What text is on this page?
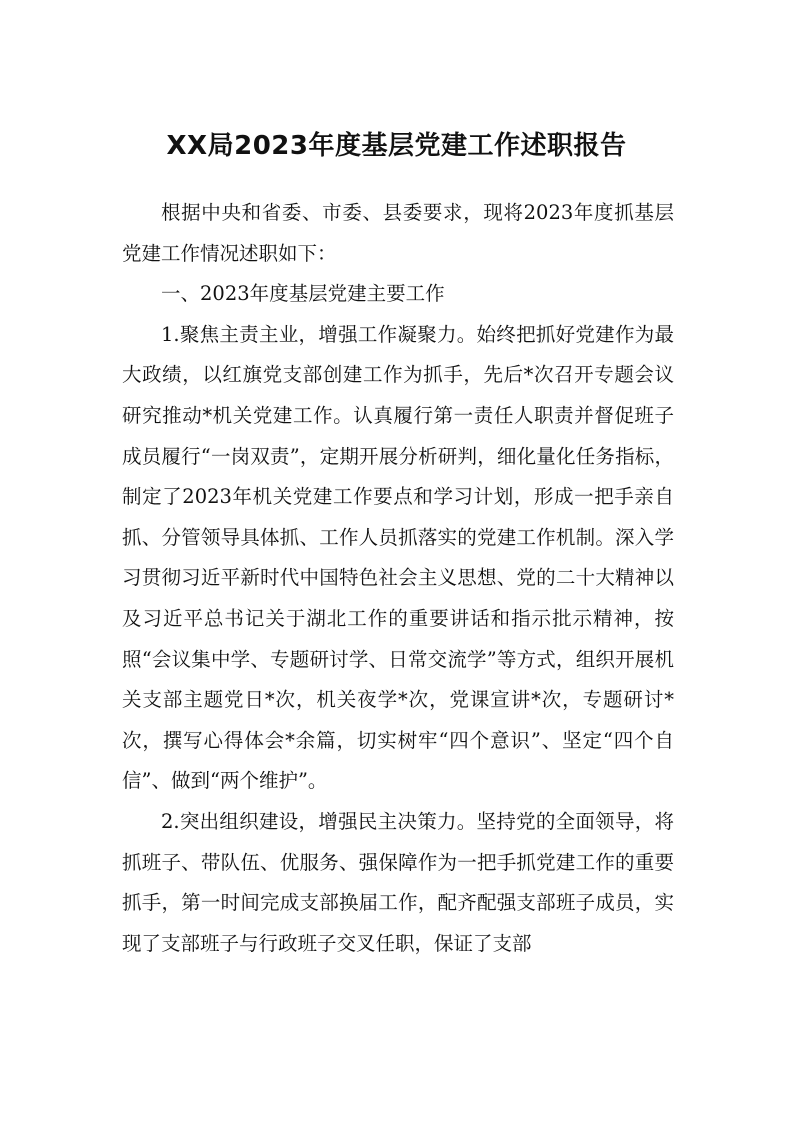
XX局2023年度基层党建工作述职报告

根据中央和省委、市委、县委要求，现将2023年度抓基层党建工作情况述职如下：

一、2023年度基层党建主要工作

1.聚焦主责主业，增强工作凝聚力。始终把抓好党建作为最大政绩，以红旗党支部创建工作为抓手，先后*次召开专题会议研究推动*机关党建工作。认真履行第一责任人职责并督促班子成员履行“一岗双责”，定期开展分析研判，细化量化任务指标，制定了2023年机关党建工作要点和学习计划，形成一把手亲自抓、分管领导具体抓、工作人员抓落实的党建工作机制。深入学习贯彻习近平新时代中国特色社会主义思想、党的二十大精神以及习近平总书记关于湖北工作的重要讲话和指示批示精神，按照“会议集中学、专题研讨学、日常交流学”等方式，组织开展机关支部主题党日*次，机关夜学*次，党课宣讲*次，专题研讨*次，撰写心得体会*余篇，切实树牢“四个意识”、坚定“四个自信”、做到“两个维护”。

2.突出组织建设，增强民主决策力。坚持党的全面领导，将抓班子、带队伍、优服务、强保障作为一把手抓党建工作的重要抓手，第一时间完成支部换届工作，配齐配强支部班子成员，实现了支部班子与行政班子交叉任职，保证了支部
